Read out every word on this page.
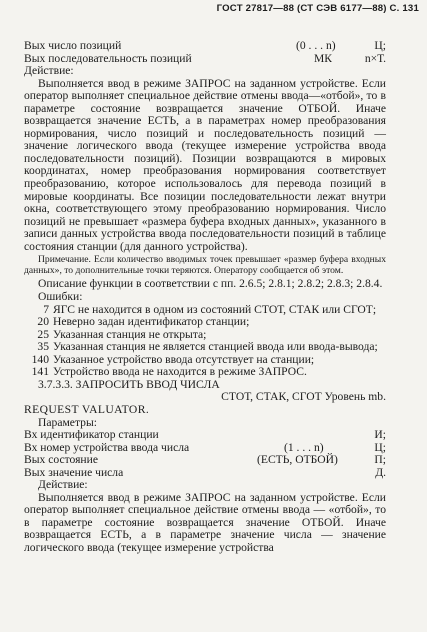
ГОСТ 27817—88 (СТ СЭВ 6177—88) С. 131
Вых число позиций	(0 . . . n)	Ц;
Вых последовательность позиций	МК	n×Т.
Действие:
Выполняется ввод в режиме ЗАПРОС на заданном устройстве. Если оператор выполняет специальное действие отмены ввода—«отбой», то в параметре состояние возвращается значение ОТБОЙ. Иначе возвращается значение ЕСТЬ, а в параметрах номер преобразования нормирования, число позиций и последовательность позиций — значение логического ввода (текущее измерение устройства ввода последовательности позиций). Позиции возвращаются в мировых координатах, номер преобразования нормирования соответствует преобразованию, которое использовалось для перевода позиций в мировые координаты. Все позиции последовательности лежат внутри окна, соответствующего этому преобразованию нормирования. Число позиций не превышает «размера буфера входных данных», указанного в записи данных устройства ввода последовательности позиций в таблице состояния станции (для данного устройства).
Примечание. Если количество вводимых точек превышает «размер буфера входных данных», то дополнительные точки теряются. Оператору сообщается об этом.
Описание функции в соответствии с пп. 2.6.5; 2.8.1; 2.8.2; 2.8.3; 2.8.4.
Ошибки:
7 ЯГС не находится в одном из состояний СТОТ, СТАК или СГОТ;
20 Неверно задан идентификатор станции;
25 Указанная станция не открыта;
35 Указанная станция не является станцией ввода или ввода-вывода;
140 Указанное устройство ввода отсутствует на станции;
141 Устройство ввода не находится в режиме ЗАПРОС.
3.7.3.3. ЗАПРОСИТЬ ВВОД ЧИСЛА
СТОТ, СТАК, СГОТ Уровень mb.
REQUEST VALUATOR.
Параметры:
Вх идентификатор станции	И;
Вх номер устройства ввода числа	(1 . . . n)	Ц;
Вых состояние	(ЕСТЬ, ОТБОЙ)	П;
Вых значение числа	Д.
Действие:
Выполняется ввод в режиме ЗАПРОС на заданном устройстве. Если оператор выполняет специальное действие отмены ввода — «отбой», то в параметре состояние возвращается значение ОТБОЙ. Иначе возвращается ЕСТЬ, а в параметре значение числа — значение логического ввода (текущее измерение устройства
